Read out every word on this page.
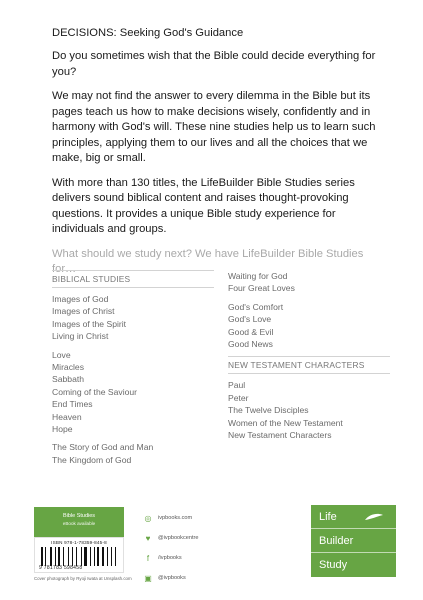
DECISIONS: Seeking God's Guidance

Do you sometimes wish that the Bible could decide everything for you?

We may not find the answer to every dilemma in the Bible but its pages teach us how to make decisions wisely, confidently and in harmony with God's will. These nine studies help us to learn such principles, applying them to our lives and all the choices that we make, big or small.

With more than 130 titles, the LifeBuilder Bible Studies series delivers sound biblical content and raises thought-provoking questions. It provides a unique Bible study experience for individuals and groups.

What should we study next? We have LifeBuilder Bible Studies for…

BIBLICAL STUDIES
Images of God
Images of Christ
Images of the Spirit
Living in Christ
Love
Miracles
Sabbath
Coming of the Saviour
End Times
Heaven
Hope
The Story of God and Man
The Kingdom of God
Waiting for God
Four Great Loves
God's Comfort
God's Love
Good & Evil
Good News
NEW TESTAMENT CHARACTERS
Paul
Peter
The Twelve Disciples
Women of the New Testament
New Testament Characters
Bible Studies
eBook available
ISBN 978-1-78359-845-8
9 781783 598458
Cover photograph by Ryoji Iwata at Unsplash.com
◎ ivpbooks.com
♥	@ivpbookcentre
f	/ivpbooks
▣ @ivpbooks
Life
Builder
Study
